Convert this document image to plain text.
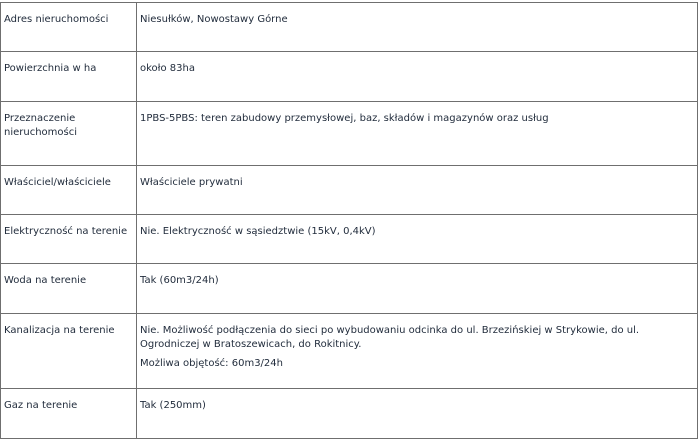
Adres nieruchomości	Niesułków, Nowostawy Górne

Powierzchnia w ha	około 83ha

Przeznaczenie nieruchomości	1PBS-5PBS: teren zabudowy przemysłowej, baz, składów i magazynów oraz usług

Właściciel/właściciele	Właściciele prywatni

Elektryczność na terenie	Nie. Elektryczność w sąsiedztwie (15kV, 0,4kV)

Woda na terenie	Tak (60m3/24h)

Kanalizacja na terenie	Nie. Możliwość podłączenia do sieci po wybudowaniu odcinka do ul. Brzezińskiej w Strykowie, do ul. Ogrodniczej w Bratoszewicach, do Rokitnicy.
Możliwa objętość: 60m3/24h

Gaz na terenie	Tak (250mm)
